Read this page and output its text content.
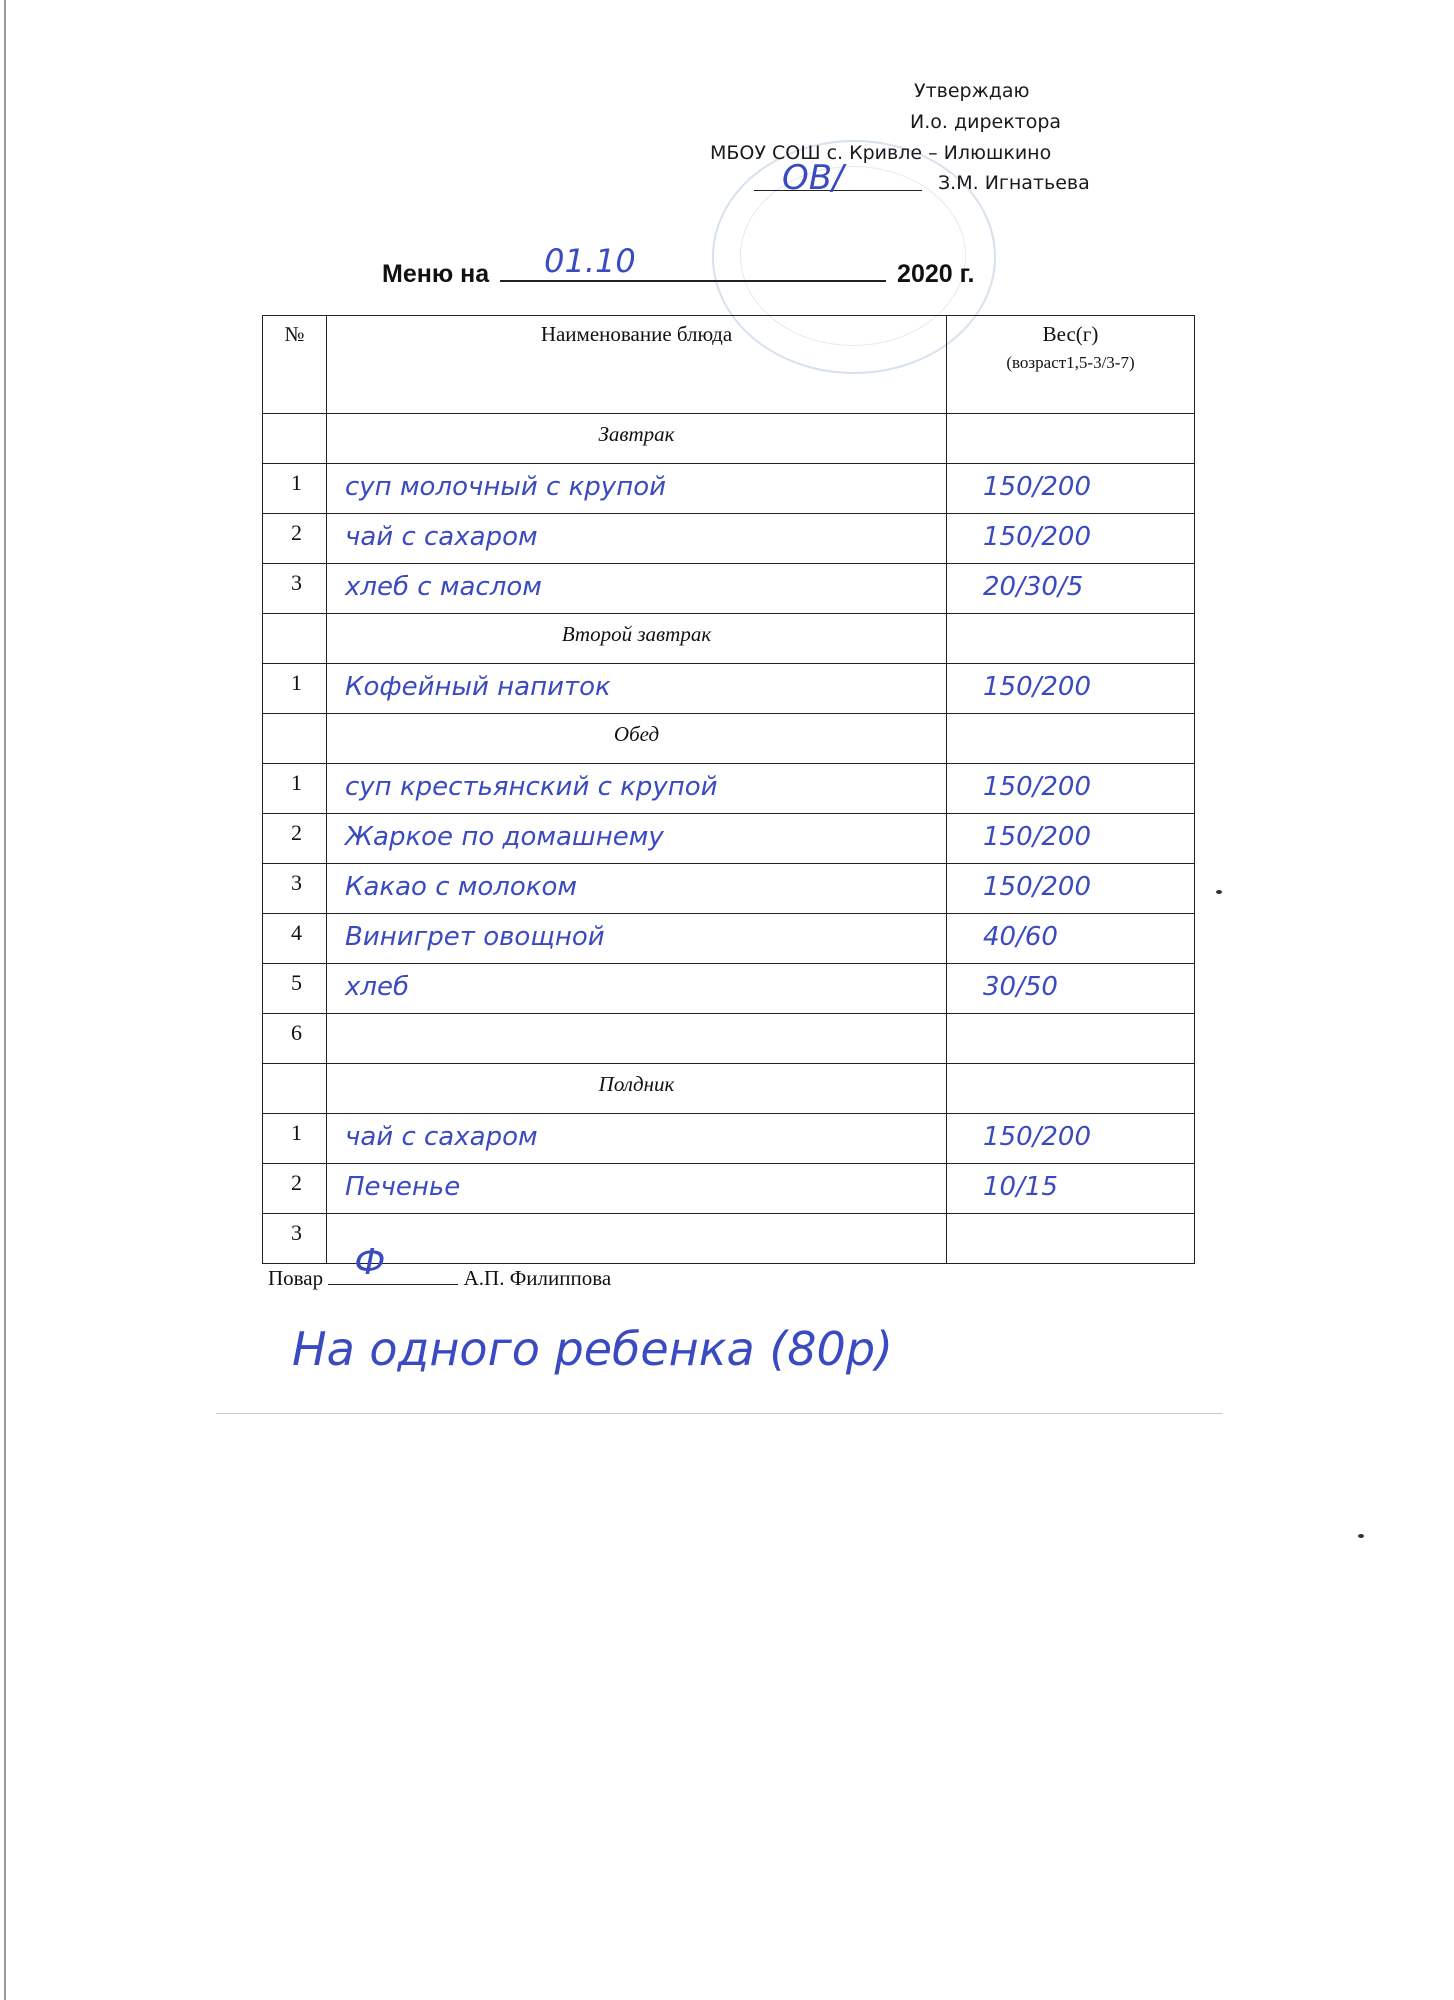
Утверждаю
И.о. директора
МБОУ СОШ с. Кривле – Илюшкино
ОВ/	З.М. Игнатьева
Меню на 01.10	2020 г.
№	Наименование блюда	Вес(г)
(возраст1,5-3/3-7)

	Завтрак	
1	суп молочный с крупой	150/200
2	чай с сахаром	150/200
3	хлеб с маслом	20/30/5
	Второй завтрак	
1	Кофейный напиток	150/200
	Обед	
1	суп крестьянский с крупой	150/200
2	Жаркое по домашнему	150/200
3	Какао с молоком	150/200
4	Винигрет овощной	40/60
5	хлеб	30/50
6		
	Полдник	
1	чай с сахаром	150/200
2	Печенье	10/15
3		
Повар Ф	А.П. Филиппова
На одного ребенка (80р)
